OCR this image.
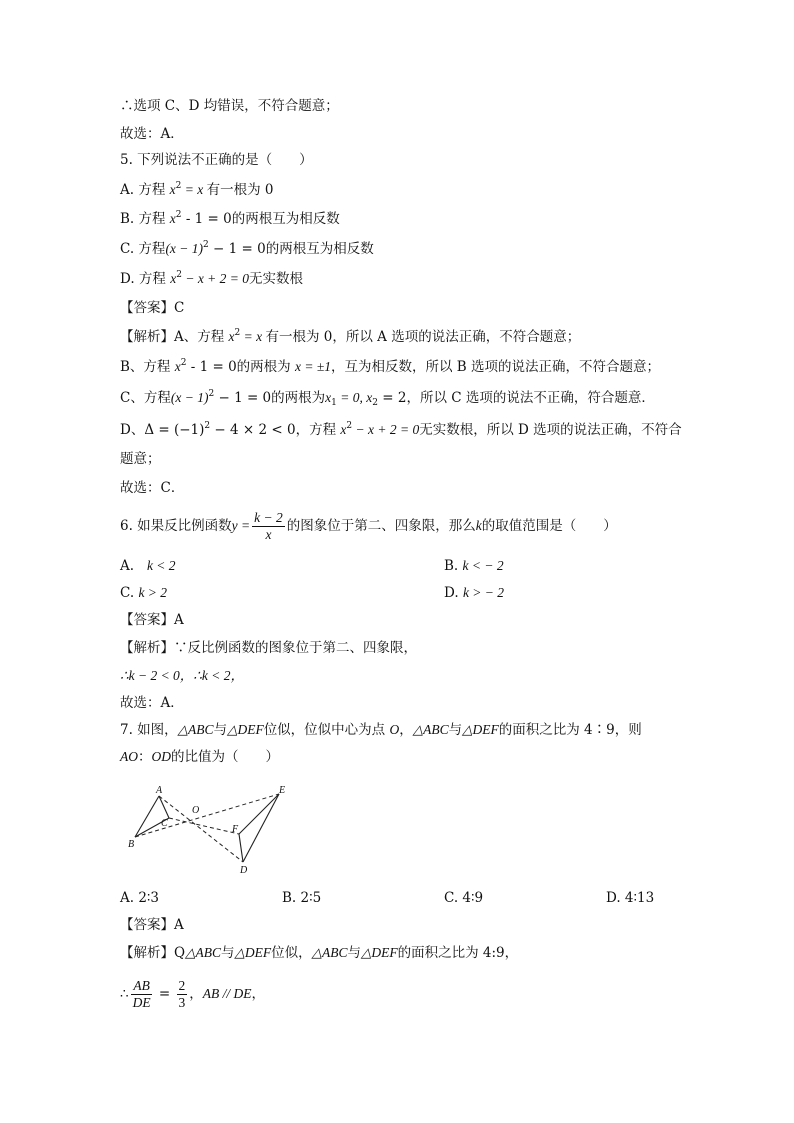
∴选项 C、D 均错误，不符合题意；
故选：A．
5. 下列说法不正确的是（　　）
A. 方程 $x^2 = x$ 有一根为 0
B. 方程 $x^2 - 1 = 0$的两根互为相反数
C. 方程$(x - 1)^2 - 1 = 0$的两根互为相反数
D. 方程 $x^2 - x + 2 = 0$无实数根
【答案】C
【解析】A、方程 $x^2 = x$ 有一根为 0，所以 A 选项的说法正确，不符合题意；
B、方程 $x^2 - 1 = 0$的两根为 x = ±1，互为相反数，所以 B 选项的说法正确，不符合题意；
C、方程$(x - 1)^2 - 1 = 0$的两根为$x_1 = 0$, $x_2 = 2$，所以 C 选项的说法不正确，符合题意．
D、$\Delta = (-1)^2 - 4 \times 2 < 0$，方程 $x^2 - x + 2 = 0$无实数根，所以 D 选项的说法正确，不符合
题意；
故选：C．
6. 如果反比例函数$y = \frac{k - 2}{x}$ 的图象位于第二、四象限，那么k的取值范围是（　　）
A.   k < 2	B. k < − 2
C. k > 2	D. k > − 2
【答案】A
【解析】∵反比例函数的图象位于第二、四象限，
∴k − 2 < 0，∴k < 2，
故选：A．
7. 如图，△ABC与△DEF位似，位似中心为点 O，△ABC与△DEF的面积之比为 4∶9，则
AO：OD的比值为（　　）
A
B
C
O
E
F
D
A. 2∶3	B. 2∶5	C. 4∶9	D. 4∶13
【答案】A
【解析】Q△ABC与△DEF位似，△ABC与△DEF的面积之比为 4:9，
∴ $\frac{AB}{DE} = \frac{2}{3}$ ，AB // DE，
